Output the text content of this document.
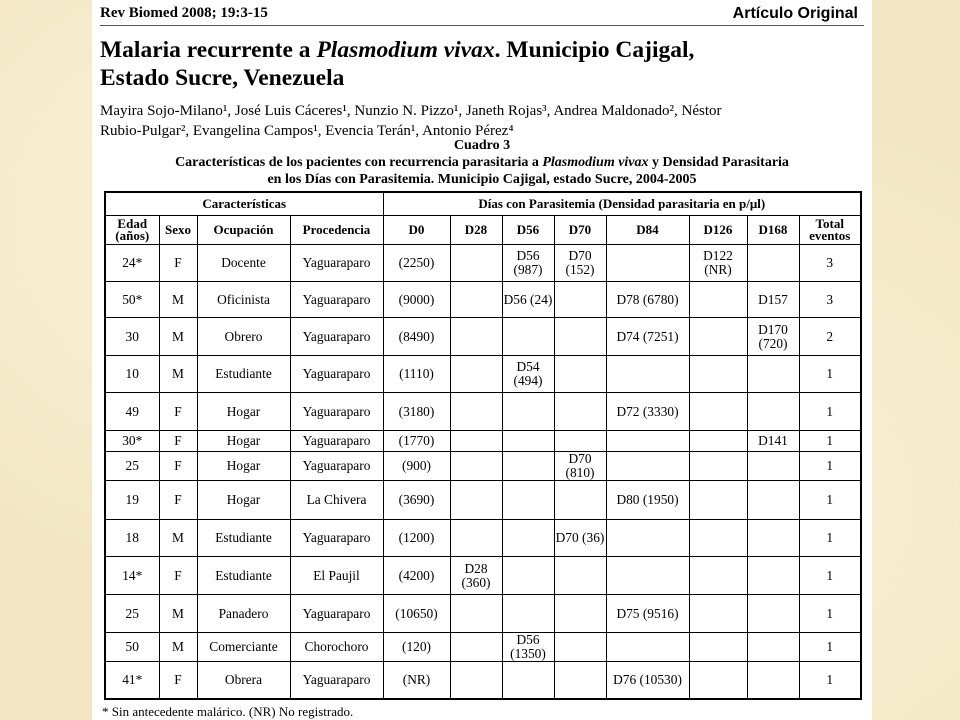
Rev Biomed 2008; 19:3-15	Artículo Original
Malaria recurrente a Plasmodium vivax. Municipio Cajigal,
Estado Sucre, Venezuela
Mayira Sojo-Milano¹, José Luis Cáceres¹, Nunzio N. Pizzo¹, Janeth Rojas³, Andrea Maldonado², Néstor
Rubio-Pulgar², Evangelina Campos¹, Evencia Terán¹, Antonio Pérez⁴
Cuadro 3
Características de los pacientes con recurrencia parasitaria a Plasmodium vivax y Densidad Parasitaria
en los Días con Parasitemia. Municipio Cajigal, estado Sucre, 2004-2005
Características				Días con Parasitemia (Densidad parasitaria en p/μl)							
Edad (años)	Sexo	Ocupación	Procedencia	D0	D28	D56	D70	D84	D126	D168	Total eventos
24*	F	Docente	Yaguaraparo	(2250)		D56 (987)	D70 (152)		D122 (NR)		3
50*	M	Oficinista	Yaguaraparo	(9000)		D56 (24)		D78 (6780)		D157	3
30	M	Obrero	Yaguaraparo	(8490)				D74 (7251)		D170 (720)	2
10	M	Estudiante	Yaguaraparo	(1110)		D54 (494)					1
49	F	Hogar	Yaguaraparo	(3180)				D72 (3330)			1
30*	F	Hogar	Yaguaraparo	(1770)						D141	1
25	F	Hogar	Yaguaraparo	(900)			D70 (810)				1
19	F	Hogar	La Chivera	(3690)				D80 (1950)			1
18	M	Estudiante	Yaguaraparo	(1200)			D70 (36)				1
14*	F	Estudiante	El Paujil	(4200)	D28 (360)						1
25	M	Panadero	Yaguaraparo	(10650)				D75 (9516)			1
50	M	Comerciante	Chorochoro	(120)		D56 (1350)					1
41*	F	Obrera	Yaguaraparo	(NR)				D76 (10530)			1
* Sin antecedente malárico. (NR) No registrado.
